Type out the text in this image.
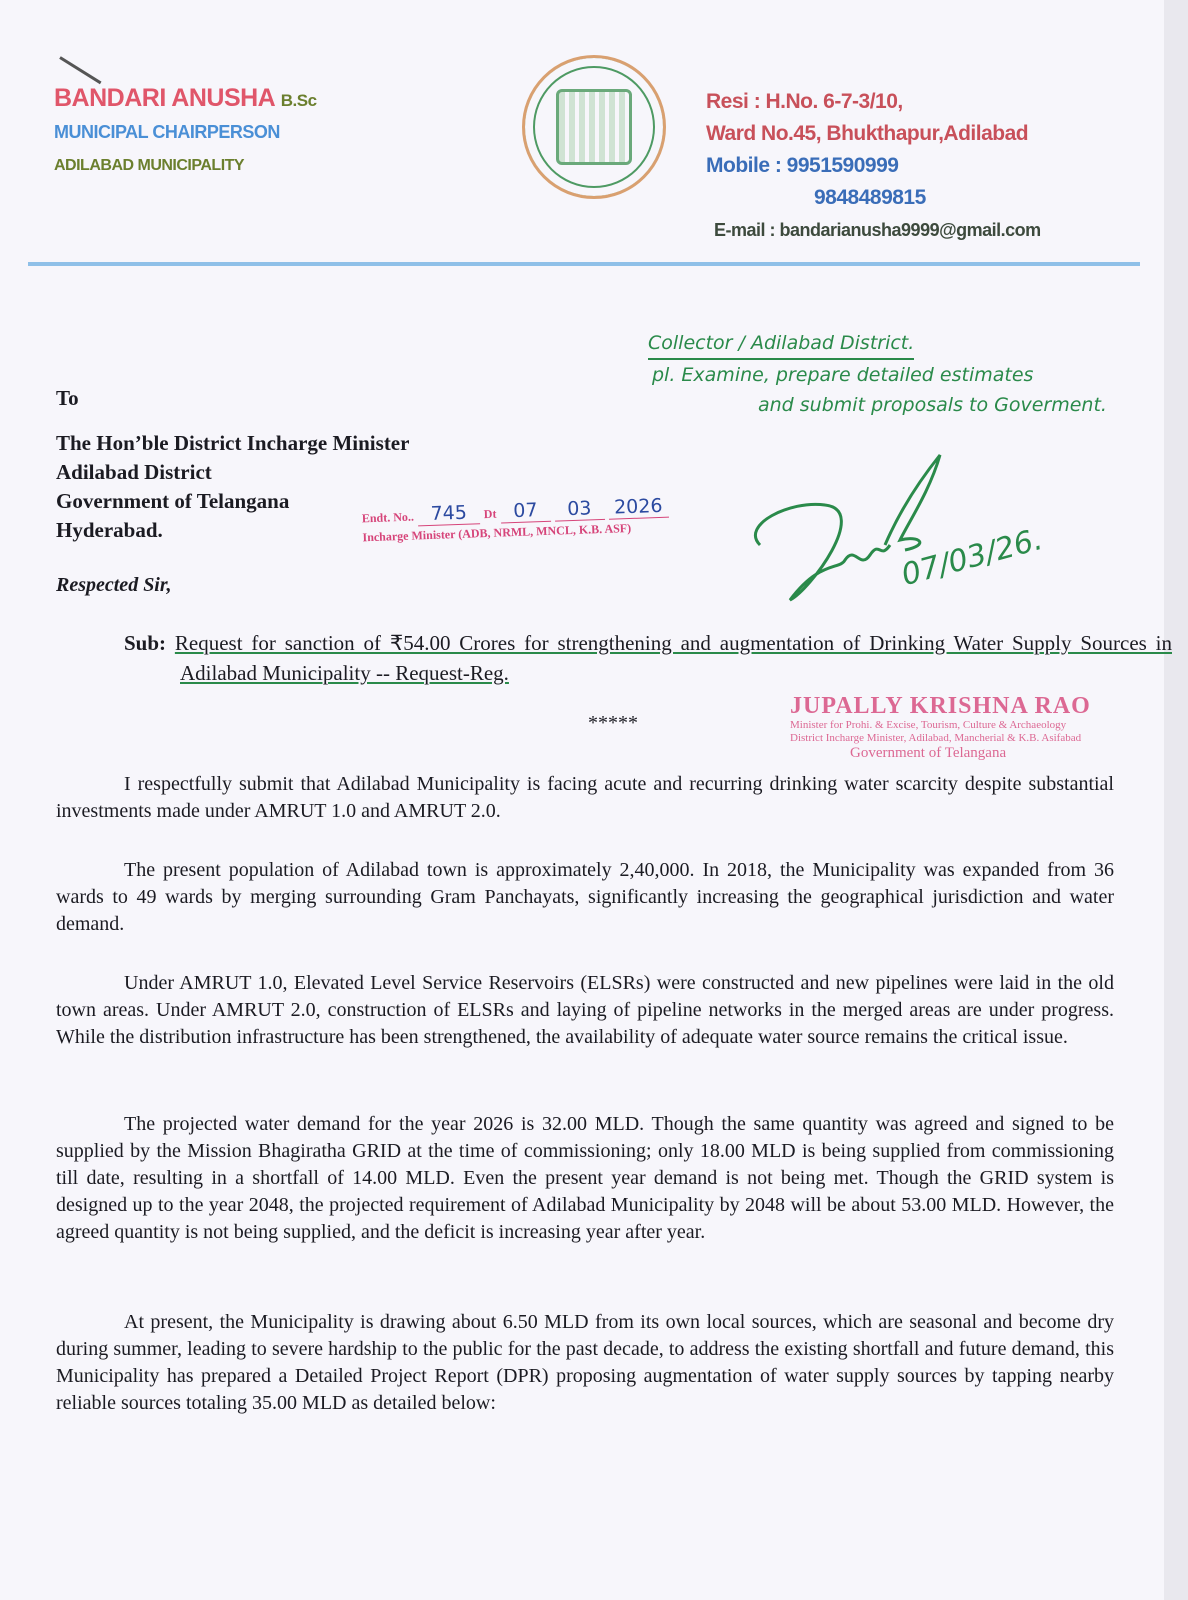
BANDARI ANUSHA B.Sc
MUNICIPAL CHAIRPERSON
ADILABAD MUNICIPALITY
Resi : H.No. 6-7-3/10,
Ward No.45, Bhukthapur,Adilabad
Mobile : 9951590999
9848489815
E-mail : bandarianusha9999@gmail.com
Collector / Adilabad District.
pl. Examine, prepare detailed estimates
and submit proposals to Goverment.
To
The Hon’ble District Incharge Minister
Adilabad District
Government of Telangana
Hyderabad.
Endt. No.. 745 Dt 07 03 2026
Incharge Minister (ADB, NRML, MNCL, K.B. ASF)	07/03/26.
JUPALLY KRISHNA RAO
Minister for Prohi. & Excise, Tourism, Culture & Archaeology
District Incharge Minister, Adilabad, Mancherial & K.B. Asifabad
Government of Telangana
Respected Sir,
Sub: Request for sanction of ₹54.00 Crores for strengthening and augmentation of Drinking Water Supply Sources in Adilabad Municipality -- Request-Reg.
*****
I respectfully submit that Adilabad Municipality is facing acute and recurring drinking water scarcity despite substantial investments made under AMRUT 1.0 and AMRUT 2.0.
The present population of Adilabad town is approximately 2,40,000. In 2018, the Municipality was expanded from 36 wards to 49 wards by merging surrounding Gram Panchayats, significantly increasing the geographical jurisdiction and water demand.
Under AMRUT 1.0, Elevated Level Service Reservoirs (ELSRs) were constructed and new pipelines were laid in the old town areas. Under AMRUT 2.0, construction of ELSRs and laying of pipeline networks in the merged areas are under progress. While the distribution infrastructure has been strengthened, the availability of adequate water source remains the critical issue.
The projected water demand for the year 2026 is 32.00 MLD. Though the same quantity was agreed and signed to be supplied by the Mission Bhagiratha GRID at the time of commissioning; only 18.00 MLD is being supplied from commissioning till date, resulting in a shortfall of 14.00 MLD. Even the present year demand is not being met. Though the GRID system is designed up to the year 2048, the projected requirement of Adilabad Municipality by 2048 will be about 53.00 MLD. However, the agreed quantity is not being supplied, and the deficit is increasing year after year.
At present, the Municipality is drawing about 6.50 MLD from its own local sources, which are seasonal and become dry during summer, leading to severe hardship to the public for the past decade, to address the existing shortfall and future demand, this Municipality has prepared a Detailed Project Report (DPR) proposing augmentation of water supply sources by tapping nearby reliable sources totaling 35.00 MLD as detailed below:
